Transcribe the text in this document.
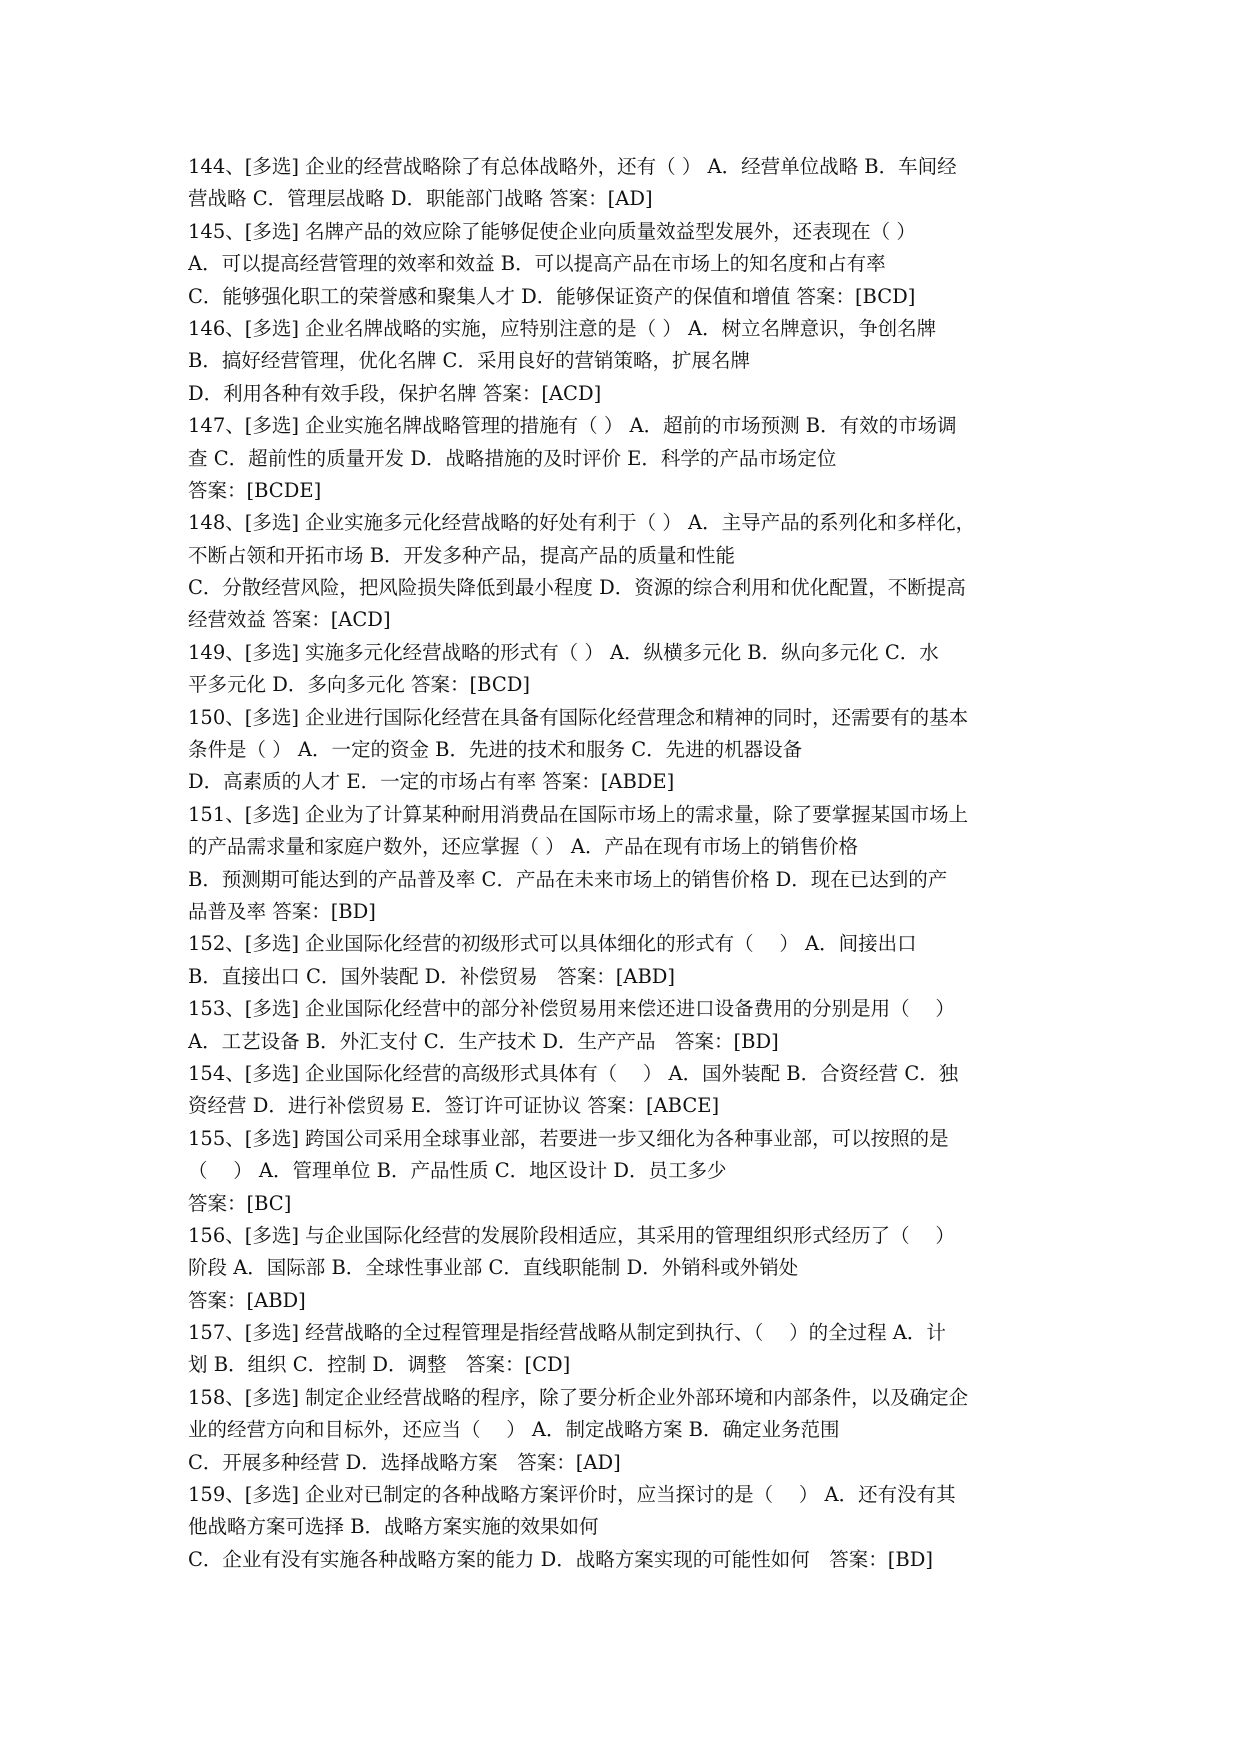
144、[多选] 企业的经营战略除了有总体战略外，还有（ ） A．经营单位战略 B．车间经
营战略 C．管理层战略 D．职能部门战略 答案：[AD]
145、[多选] 名牌产品的效应除了能够促使企业向质量效益型发展外，还表现在（ ）
A．可以提高经营管理的效率和效益 B．可以提高产品在市场上的知名度和占有率
C．能够强化职工的荣誉感和聚集人才 D．能够保证资产的保值和增值 答案：[BCD]
146、[多选] 企业名牌战略的实施，应特别注意的是（ ） A．树立名牌意识，争创名牌
B．搞好经营管理，优化名牌 C．采用良好的营销策略，扩展名牌
D．利用各种有效手段，保护名牌 答案：[ACD]
147、[多选] 企业实施名牌战略管理的措施有（ ） A．超前的市场预测 B．有效的市场调
查 C．超前性的质量开发 D．战略措施的及时评价 E．科学的产品市场定位
答案：[BCDE]
148、[多选] 企业实施多元化经营战略的好处有利于（ ） A．主导产品的系列化和多样化，
不断占领和开拓市场 B．开发多种产品，提高产品的质量和性能
C．分散经营风险，把风险损失降低到最小程度 D．资源的综合利用和优化配置，不断提高
经营效益 答案：[ACD]
149、[多选] 实施多元化经营战略的形式有（ ） A．纵横多元化 B．纵向多元化 C．水
平多元化 D．多向多元化 答案：[BCD]
150、[多选] 企业进行国际化经营在具备有国际化经营理念和精神的同时，还需要有的基本
条件是（ ） A．一定的资金 B．先进的技术和服务 C．先进的机器设备
D．高素质的人才 E．一定的市场占有率 答案：[ABDE]
151、[多选] 企业为了计算某种耐用消费品在国际市场上的需求量，除了要掌握某国市场上
的产品需求量和家庭户数外，还应掌握（ ） A．产品在现有市场上的销售价格
B．预测期可能达到的产品普及率 C．产品在未来市场上的销售价格 D．现在已达到的产
品普及率 答案：[BD]
152、[多选] 企业国际化经营的初级形式可以具体细化的形式有（　 ） A．间接出口
B．直接出口 C．国外装配 D．补偿贸易　答案：[ABD]
153、[多选] 企业国际化经营中的部分补偿贸易用来偿还进口设备费用的分别是用（　 ）
A．工艺设备 B．外汇支付 C．生产技术 D．生产产品　答案：[BD]
154、[多选] 企业国际化经营的高级形式具体有（　 ） A．国外装配 B．合资经营 C．独
资经营 D．进行补偿贸易 E．签订许可证协议 答案：[ABCE]
155、[多选] 跨国公司采用全球事业部，若要进一步又细化为各种事业部，可以按照的是
（　 ） A．管理单位 B．产品性质 C．地区设计 D．员工多少
答案：[BC]
156、[多选] 与企业国际化经营的发展阶段相适应，其采用的管理组织形式经历了（　 ）
阶段 A．国际部 B．全球性事业部 C．直线职能制 D．外销科或外销处
答案：[ABD]
157、[多选] 经营战略的全过程管理是指经营战略从制定到执行、（　 ）的全过程 A．计
划 B．组织 C．控制 D．调整　答案：[CD]
158、[多选] 制定企业经营战略的程序，除了要分析企业外部环境和内部条件，以及确定企
业的经营方向和目标外，还应当（　 ） A．制定战略方案 B．确定业务范围
C．开展多种经营 D．选择战略方案　答案：[AD]
159、[多选] 企业对已制定的各种战略方案评价时，应当探讨的是（　 ） A．还有没有其
他战略方案可选择 B．战略方案实施的效果如何
C．企业有没有实施各种战略方案的能力 D．战略方案实现的可能性如何　答案：[BD]
